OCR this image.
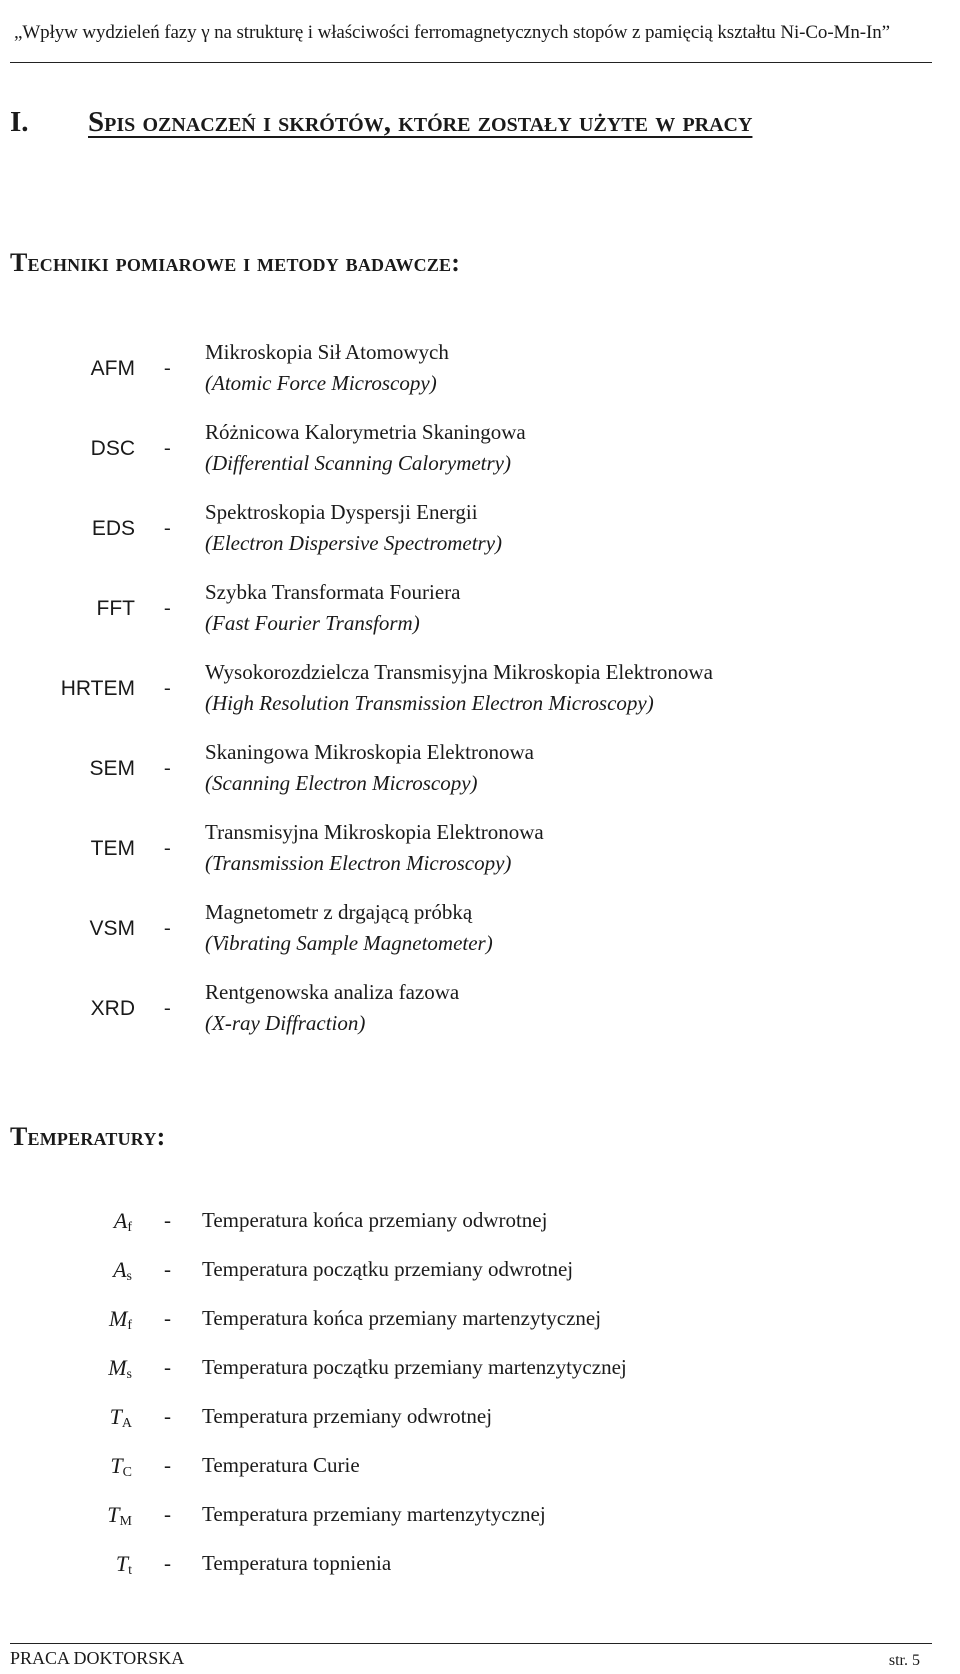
„Wpływ wydzieleń fazy γ na strukturę i właściwości ferromagnetycznych stopów z pamięcią kształtu Ni-Co-Mn-In”
I. Spis oznaczeń i skrótów, które zostały użyte w pracy
Techniki pomiarowe i metody badawcze:
AFM -
Mikroskopia Sił Atomowych
(Atomic Force Microscopy)
DSC -
Różnicowa Kalorymetria Skaningowa
(Differential Scanning Calorymetry)
EDS -
Spektroskopia Dyspersji Energii
(Electron Dispersive Spectrometry)
FFT -
Szybka Transformata Fouriera
(Fast Fourier Transform)
HRTEM -
Wysokorozdzielcza Transmisyjna Mikroskopia Elektronowa
(High Resolution Transmission Electron Microscopy)
SEM -
Skaningowa Mikroskopia Elektronowa
(Scanning Electron Microscopy)
TEM -
Transmisyjna Mikroskopia Elektronowa
(Transmission Electron Microscopy)
VSM -
Magnetometr z drgającą próbką
(Vibrating Sample Magnetometer)
XRD -
Rentgenowska analiza fazowa
(X-ray Diffraction)
Temperatury:
$A_f$ - Temperatura końca przemiany odwrotnej
$A_s$ - Temperatura początku przemiany odwrotnej
$M_f$ - Temperatura końca przemiany martenzytycznej
$M_s$ - Temperatura początku przemiany martenzytycznej
$T_A$ - Temperatura przemiany odwrotnej
$T_C$ - Temperatura Curie
$T_M$ - Temperatura przemiany martenzytycznej
$T_t$ - Temperatura topnienia
PRACA DOKTORSKA	str. 5
